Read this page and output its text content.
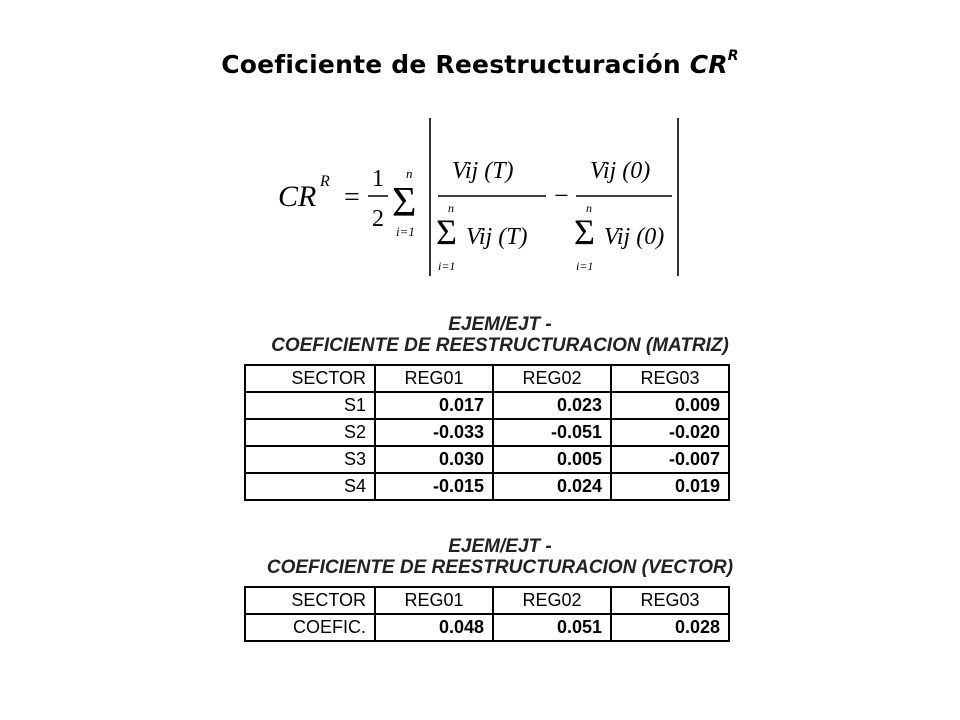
Coeficiente de Reestructuración $CR^R$
CR R
=
1
2
n
Σ
i=1
Vij (T)
n
Σ
i=1
Vij (T)
−
Vij (0)
n
Σ
i=1
Vij (0)
EJEM/EJT -
COEFICIENTE DE REESTRUCTURACION (MATRIZ)
SECTOR	REG01	REG02	REG03
S1	0.017	0.023	0.009
S2	-0.033	-0.051	-0.020
S3	0.030	0.005	-0.007
S4	-0.015	0.024	0.019
EJEM/EJT -
COEFICIENTE DE REESTRUCTURACION (VECTOR)
SECTOR	REG01	REG02	REG03
COEFIC.	0.048	0.051	0.028
